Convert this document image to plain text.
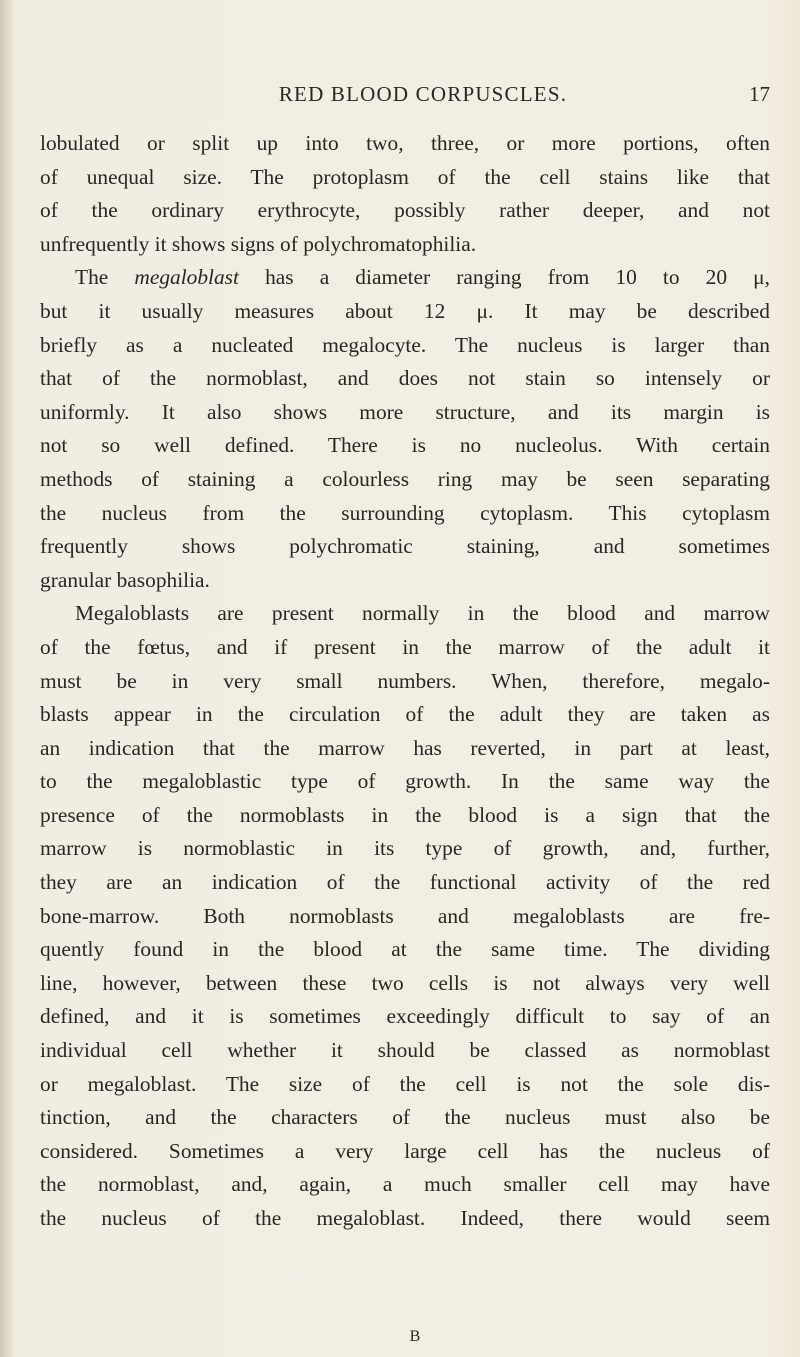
RED BLOOD CORPUSCLES.	17
lobulated or split up into two, three, or more portions, often
of unequal size. The protoplasm of the cell stains like that
of the ordinary erythrocyte, possibly rather deeper, and not
unfrequently it shows signs of polychromatophilia.
The megaloblast has a diameter ranging from 10 to 20 μ,
but it usually measures about 12 μ. It may be described
briefly as a nucleated megalocyte. The nucleus is larger than
that of the normoblast, and does not stain so intensely or
uniformly. It also shows more structure, and its margin is
not so well defined. There is no nucleolus. With certain
methods of staining a colourless ring may be seen separating
the nucleus from the surrounding cytoplasm. This cytoplasm
frequently shows polychromatic staining, and sometimes
granular basophilia.
Megaloblasts are present normally in the blood and marrow
of the fœtus, and if present in the marrow of the adult it
must be in very small numbers. When, therefore, megalo-
blasts appear in the circulation of the adult they are taken as
an indication that the marrow has reverted, in part at least,
to the megaloblastic type of growth. In the same way the
presence of the normoblasts in the blood is a sign that the
marrow is normoblastic in its type of growth, and, further,
they are an indication of the functional activity of the red
bone-marrow. Both normoblasts and megaloblasts are fre-
quently found in the blood at the same time. The dividing
line, however, between these two cells is not always very well
defined, and it is sometimes exceedingly difficult to say of an
individual cell whether it should be classed as normoblast
or megaloblast. The size of the cell is not the sole dis-
tinction, and the characters of the nucleus must also be
considered. Sometimes a very large cell has the nucleus of
the normoblast, and, again, a much smaller cell may have
the nucleus of the megaloblast. Indeed, there would seem
B
